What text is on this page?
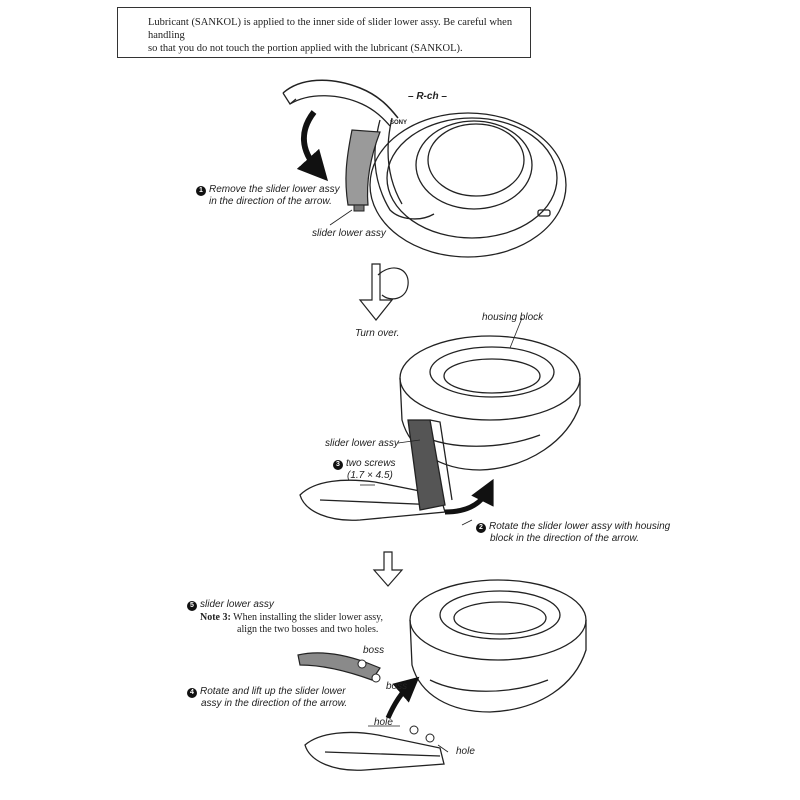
Lubricant (SANKOL) is applied to the inner side of slider lower assy. Be careful when handling
so that you do not touch the portion applied with the lubricant (SANKOL).
– R-ch –
SONY
1 Remove the slider lower assy
in the direction of the arrow.
slider lower assy
Turn over.
housing block
slider lower assy
3 two screws
(1.7 × 4.5)
2 Rotate the slider lower assy with housing
block in the direction of the arrow.
5 slider lower assy
Note 3: When installing the slider lower assy,
align the two bosses and two holes.
boss
boss
4 Rotate and lift up the slider lower
assy in the direction of the arrow.
hole
hole
